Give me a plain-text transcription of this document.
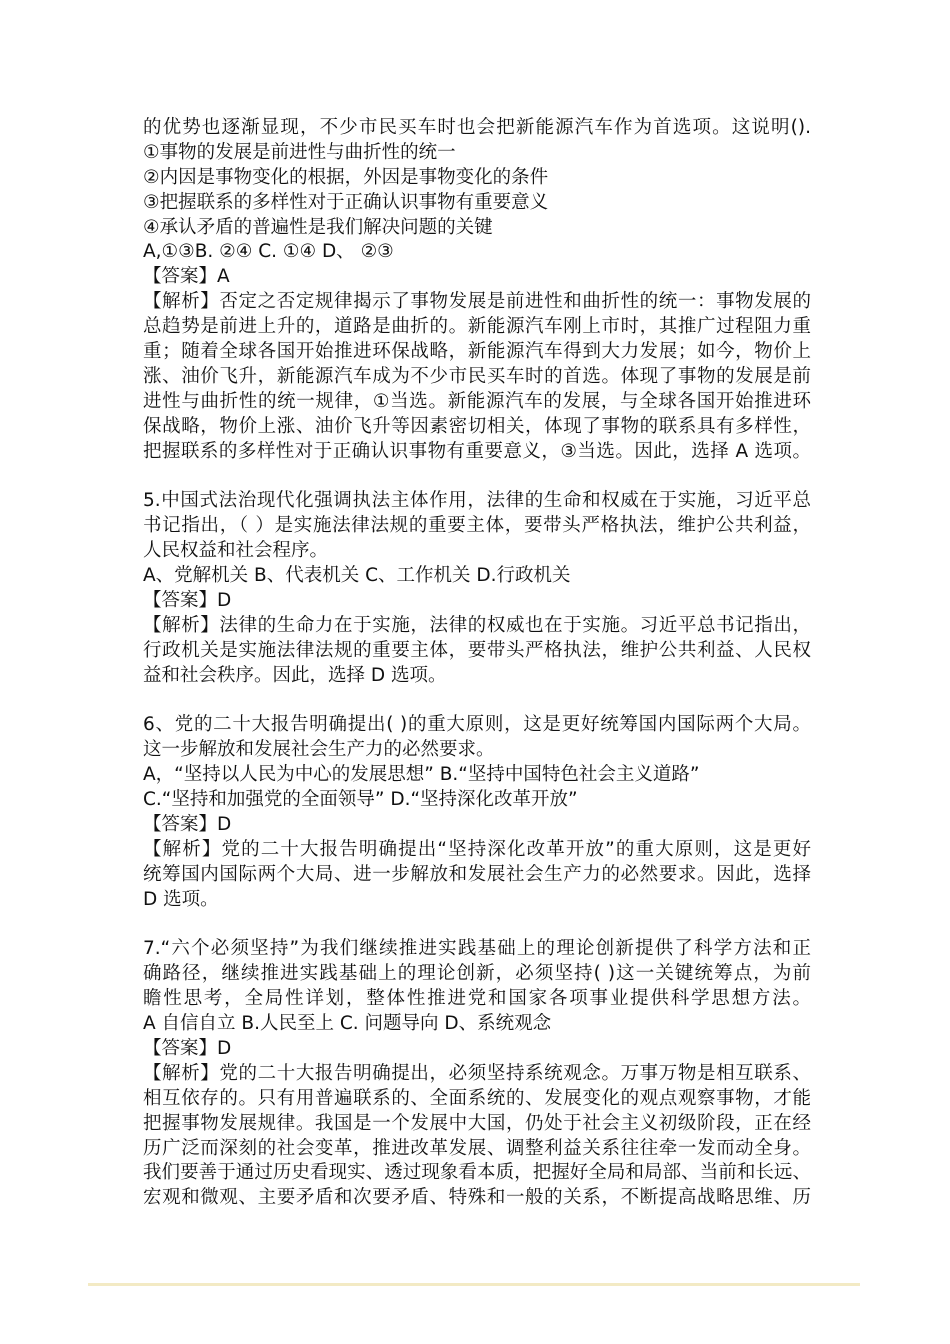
的优势也逐渐显现，不少市民买车时也会把新能源汽车作为首选项。这说明().
①事物的发展是前进性与曲折性的统一
②内因是事物变化的根据，外因是事物变化的条件
③把握联系的多样性对于正确认识事物有重要意义
④承认矛盾的普遍性是我们解决问题的关键
A,①③B. ②④ C. ①④ D、 ②③
【答案】A
【解析】否定之否定规律揭示了事物发展是前进性和曲折性的统一：事物发展的
总趋势是前进上升的，道路是曲折的。新能源汽车刚上市时，其推广过程阻力重
重；随着全球各国开始推进环保战略，新能源汽车得到大力发展；如今，物价上
涨、油价飞升，新能源汽车成为不少市民买车时的首选。体现了事物的发展是前
进性与曲折性的统一规律，①当选。新能源汽车的发展，与全球各国开始推进环
保战略，物价上涨、油价飞升等因素密切相关，体现了事物的联系具有多样性，
把握联系的多样性对于正确认识事物有重要意义，③当选。因此，选择 A 选项。
5.中国式法治现代化强调执法主体作用，法律的生命和权威在于实施，习近平总
书记指出，（ ）是实施法律法规的重要主体，要带头严格执法，维护公共利益，
人民权益和社会程序。
A、党解机关 B、代表机关 C、工作机关 D.行政机关
【答案】D
【解析】法律的生命力在于实施，法律的权威也在于实施。习近平总书记指出，
行政机关是实施法律法规的重要主体，要带头严格执法，维护公共利益、人民权
益和社会秩序。因此，选择 D 选项。
6、党的二十大报告明确提出( )的重大原则，这是更好统筹国内国际两个大局。
这一步解放和发展社会生产力的必然要求。
A，“坚持以人民为中心的发展思想” B.“坚持中国特色社会主义道路”
C.“坚持和加强党的全面领导” D.“坚持深化改革开放”
【答案】D
【解析】党的二十大报告明确提出“坚持深化改革开放”的重大原则，这是更好
统筹国内国际两个大局、进一步解放和发展社会生产力的必然要求。因此，选择
D 选项。
7.“六个必须坚持”为我们继续推进实践基础上的理论创新提供了科学方法和正
确路径，继续推进实践基础上的理论创新，必须坚持( )这一关键统筹点，为前
瞻性思考，全局性详划，整体性推进党和国家各项事业提供科学思想方法。
A 自信自立 B.人民至上 C. 问题导向 D、系统观念
【答案】D
【解析】党的二十大报告明确提出，必须坚持系统观念。万事万物是相互联系、
相互依存的。只有用普遍联系的、全面系统的、发展变化的观点观察事物，才能
把握事物发展规律。我国是一个发展中大国，仍处于社会主义初级阶段，正在经
历广泛而深刻的社会变革，推进改革发展、调整利益关系往往牵一发而动全身。
我们要善于通过历史看现实、透过现象看本质，把握好全局和局部、当前和长远、
宏观和微观、主要矛盾和次要矛盾、特殊和一般的关系，不断提高战略思维、历
